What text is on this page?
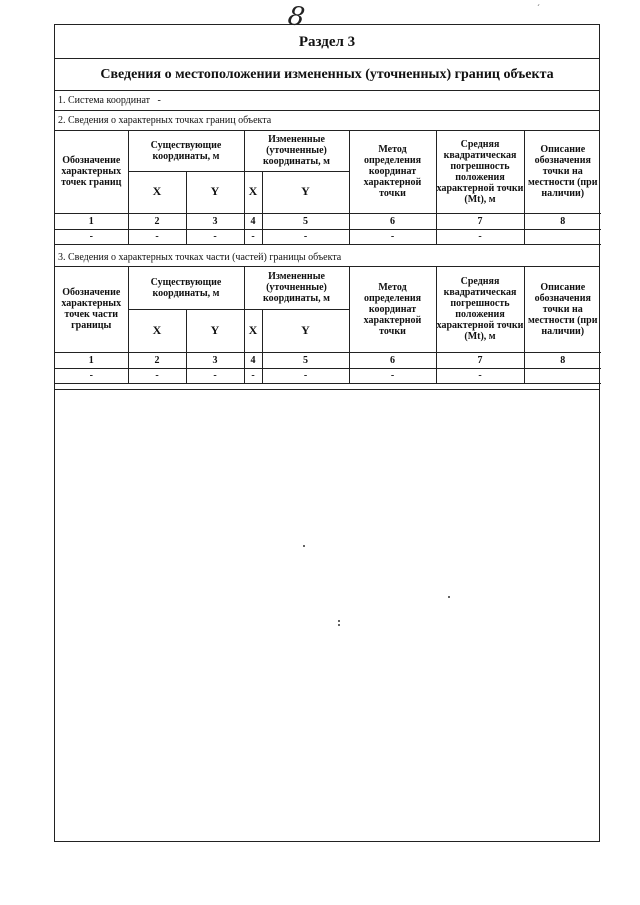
8	´
Раздел 3
Сведения о местоположении измененных (уточненных) границ объекта
1. Система координат -
2. Сведения о характерных точках границ объекта
Обозначение характерных точек границ	Существующие координаты, м		Измененные (уточненные) координаты, м		Метод определения координат характерной точки	Средняя квадратическая погрешность положения характерной точки (Mt), м	Описание обозначения точки на местности (при наличии)
	X	Y	X	Y			
1	2	3	4	5	6	7	8
-	-	-	-	-	-	-	
3. Сведения о характерных точках части (частей) границы объекта
Обозначение характерных точек части границы	Существующие координаты, м		Измененные (уточненные) координаты, м		Метод определения координат характерной точки	Средняя квадратическая погрешность положения характерной точки (Mt), м	Описание обозначения точки на местности (при наличии)
	X	Y	X	Y			
1	2	3	4	5	6	7	8
-	-	-	-	-	-	-	
